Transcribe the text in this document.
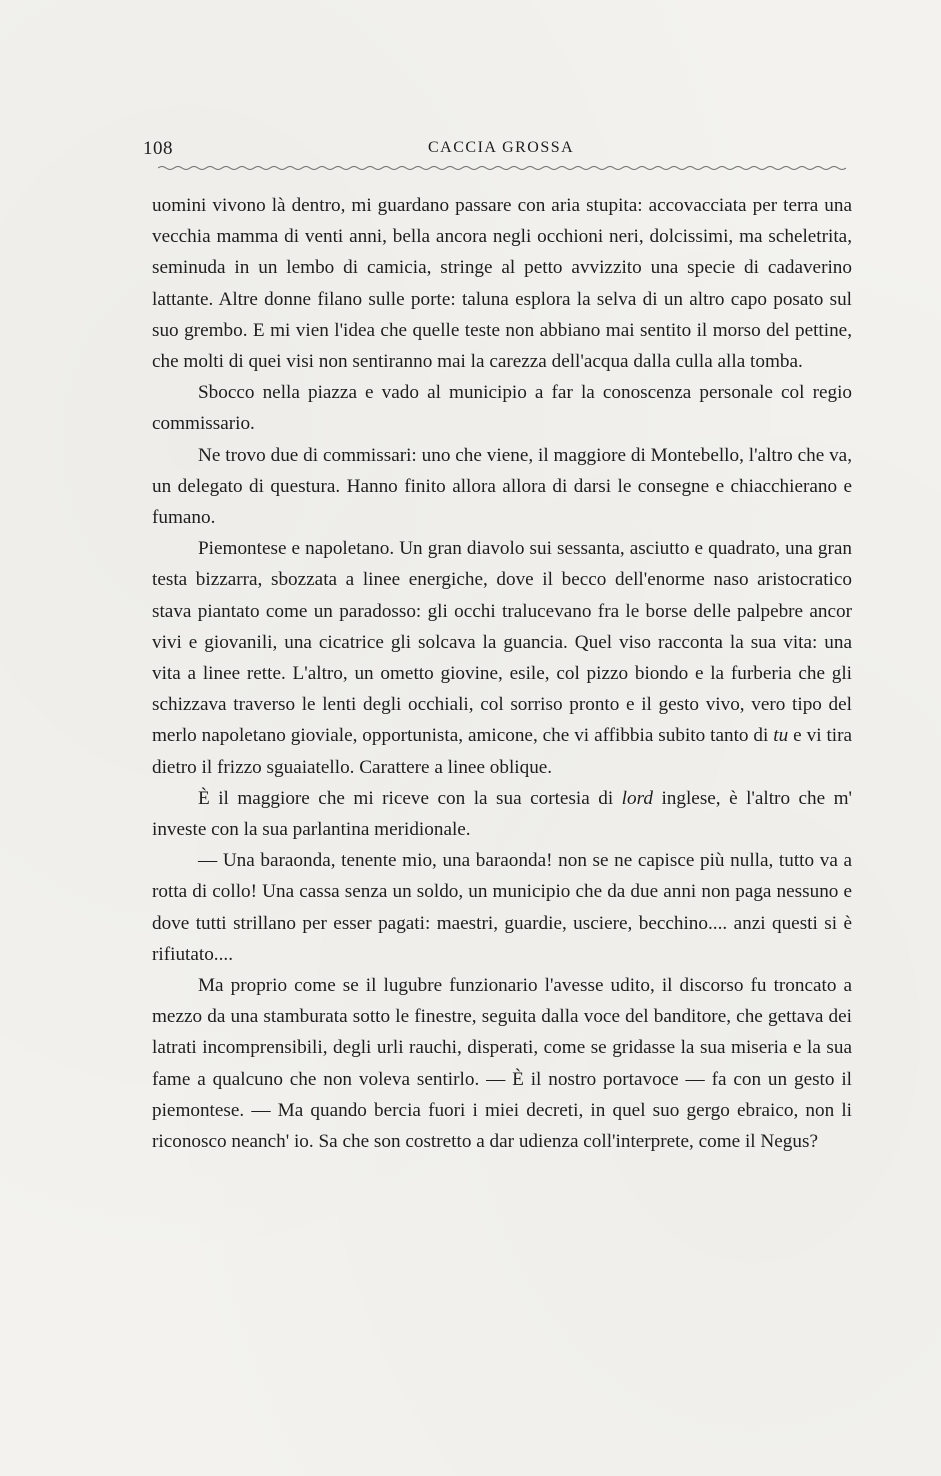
108	CACCIA GROSSA

uomini vivono là dentro, mi guardano passare con aria stupita: accovacciata per terra una vecchia mamma di venti anni, bella ancora negli occhioni neri, dolcissimi, ma scheletrita, seminuda in un lembo di camicia, stringe al petto avvizzito una specie di cadaverino lattante. Altre donne filano sulle porte: taluna esplora la selva di un altro capo posato sul suo grembo. E mi vien l'idea che quelle teste non abbiano mai sentito il morso del pettine, che molti di quei visi non sentiranno mai la carezza dell'acqua dalla culla alla tomba.

Sbocco nella piazza e vado al municipio a far la conoscenza personale col regio commissario.

Ne trovo due di commissari: uno che viene, il maggiore di Montebello, l'altro che va, un delegato di questura. Hanno finito allora allora di darsi le consegne e chiacchierano e fumano.

Piemontese e napoletano. Un gran diavolo sui sessanta, asciutto e quadrato, una gran testa bizzarra, sbozzata a linee energiche, dove il becco dell'enorme naso aristocratico stava piantato come un paradosso: gli occhi tralucevano fra le borse delle palpebre ancor vivi e giovanili, una cicatrice gli solcava la guancia. Quel viso racconta la sua vita: una vita a linee rette. L'altro, un ometto giovine, esile, col pizzo biondo e la furberia che gli schizzava traverso le lenti degli occhiali, col sorriso pronto e il gesto vivo, vero tipo del merlo napoletano gioviale, opportunista, amicone, che vi affibbia subito tanto di tu e vi tira dietro il frizzo sguaiatello. Carattere a linee oblique.

È il maggiore che mi riceve con la sua cortesia di lord inglese, è l'altro che m' investe con la sua parlantina meridionale.

— Una baraonda, tenente mio, una baraonda! non se ne capisce più nulla, tutto va a rotta di collo! Una cassa senza un soldo, un municipio che da due anni non paga nessuno e dove tutti strillano per esser pagati: maestri, guardie, usciere, becchino.... anzi questi si è rifiutato....

Ma proprio come se il lugubre funzionario l'avesse udito, il discorso fu troncato a mezzo da una stamburata sotto le finestre, seguita dalla voce del banditore, che gettava dei latrati incomprensibili, degli urli rauchi, disperati, come se gridasse la sua miseria e la sua fame a qualcuno che non voleva sentirlo. — È il nostro portavoce — fa con un gesto il piemontese. — Ma quando bercia fuori i miei decreti, in quel suo gergo ebraico, non li riconosco neanch' io. Sa che son costretto a dar udienza coll'interprete, come il Negus?
